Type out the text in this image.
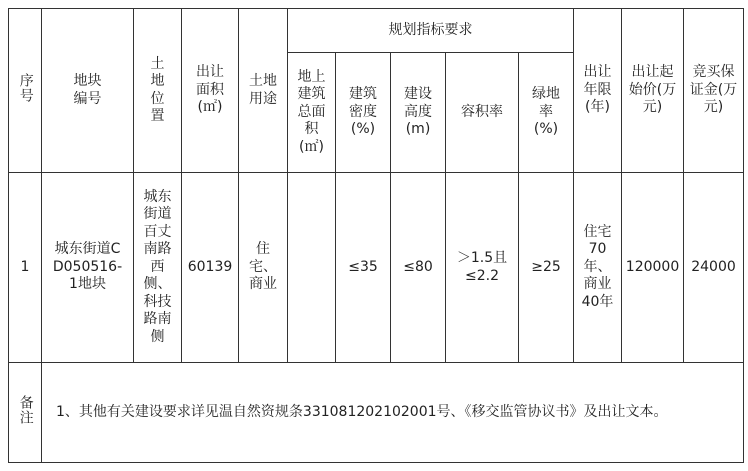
序号	地块编号	土地位置	出让面积(㎡)	土地用途	规划指标要求					出让年限(年)	出让起始价(万元)	竞买保证金(万元)
					地上建筑总面积(㎡)	建筑密度(%)	建设高度(m)	容积率	绿地率(%)			
1	城东街道CD050516-1地块	城东街道百丈南路西侧、科技路南侧	60139	住宅、商业		≤35	≤80	＞1.5且≤2.2	≥25	住宅70年、商业40年	120000	24000
备注	1、其他有关建设要求详见温自然资规条331081202102001号、《移交监管协议书》及出让文本。											
